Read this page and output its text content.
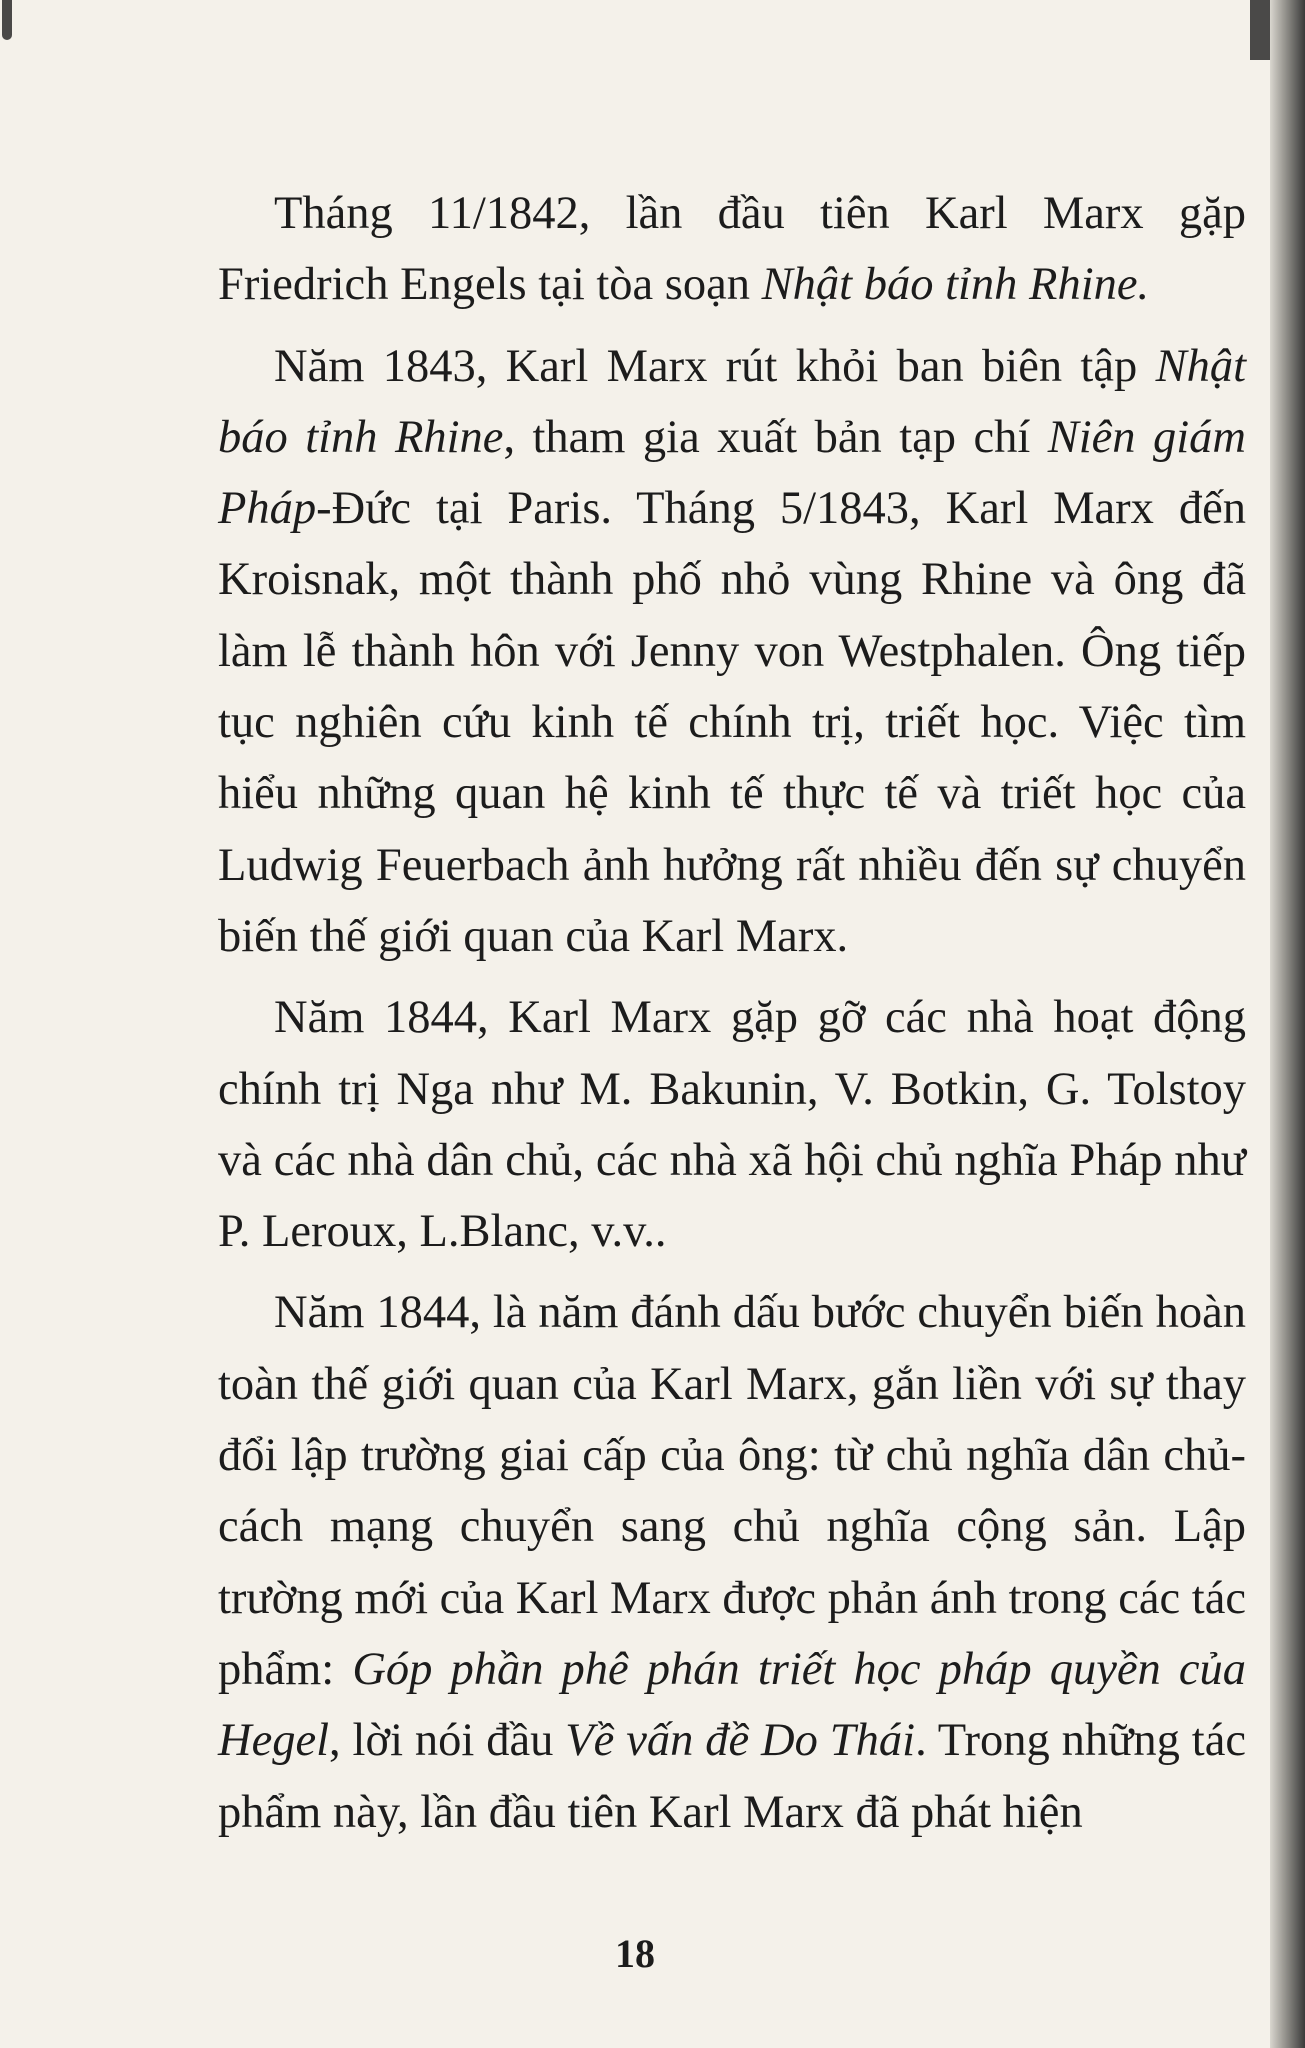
Tháng 11/1842, lần đầu tiên Karl Marx gặp Friedrich Engels tại tòa soạn Nhật báo tỉnh Rhine.

Năm 1843, Karl Marx rút khỏi ban biên tập Nhật báo tỉnh Rhine, tham gia xuất bản tạp chí Niên giám Pháp-Đức tại Paris. Tháng 5/1843, Karl Marx đến Kroisnak, một thành phố nhỏ vùng Rhine và ông đã làm lễ thành hôn với Jenny von Westphalen. Ông tiếp tục nghiên cứu kinh tế chính trị, triết học. Việc tìm hiểu những quan hệ kinh tế thực tế và triết học của Ludwig Feuerbach ảnh hưởng rất nhiều đến sự chuyển biến thế giới quan của Karl Marx.

Năm 1844, Karl Marx gặp gỡ các nhà hoạt động chính trị Nga như M. Bakunin, V. Botkin, G. Tolstoy và các nhà dân chủ, các nhà xã hội chủ nghĩa Pháp như P. Leroux, L.Blanc, v.v..

Năm 1844, là năm đánh dấu bước chuyển biến hoàn toàn thế giới quan của Karl Marx, gắn liền với sự thay đổi lập trường giai cấp của ông: từ chủ nghĩa dân chủ-cách mạng chuyển sang chủ nghĩa cộng sản. Lập trường mới của Karl Marx được phản ánh trong các tác phẩm: Góp phần phê phán triết học pháp quyền của Hegel, lời nói đầu Về vấn đề Do Thái. Trong những tác phẩm này, lần đầu tiên Karl Marx đã phát hiện

18
